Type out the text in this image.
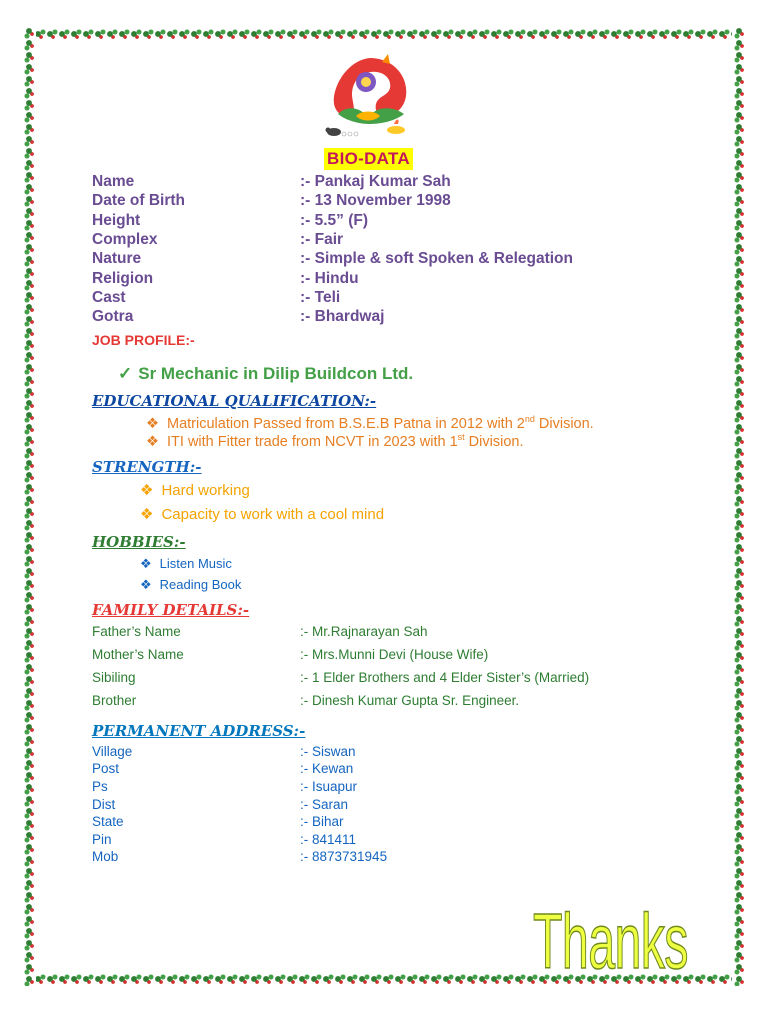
BIO-DATA
Name	:- Pankaj Kumar Sah
Date of Birth	:- 13 November 1998
Height	:- 5.5” (F)
Complex	:- Fair
Nature	:- Simple & soft Spoken & Relegation
Religion	:- Hindu
Cast	:- Teli
Gotra	:- Bhardwaj
JOB PROFILE:-
✓ Sr Mechanic in Dilip Buildcon Ltd.
EDUCATIONAL QUALIFICATION:-
❖ Matriculation Passed from B.S.E.B Patna in 2012 with 2nd Division.
❖ ITI with Fitter trade from NCVT in 2023 with 1st Division.
STRENGTH:-
❖ Hard working
❖ Capacity to work with a cool mind
HOBBIES:-
❖ Listen Music
❖ Reading Book
FAMILY DETAILS:-
Father’s Name	:- Mr.Rajnarayan Sah
Mother’s Name	:- Mrs.Munni Devi (House Wife)
Sibiling	:- 1 Elder Brothers and 4 Elder Sister’s (Married)
Brother	:- Dinesh Kumar Gupta Sr. Engineer.
PERMANENT ADDRESS:-
Village	:- Siswan
Post	:- Kewan
Ps	:- Isuapur
Dist	:- Saran
State	:- Bihar
Pin	:- 841411
Mob	:- 8873731945
Thanks
